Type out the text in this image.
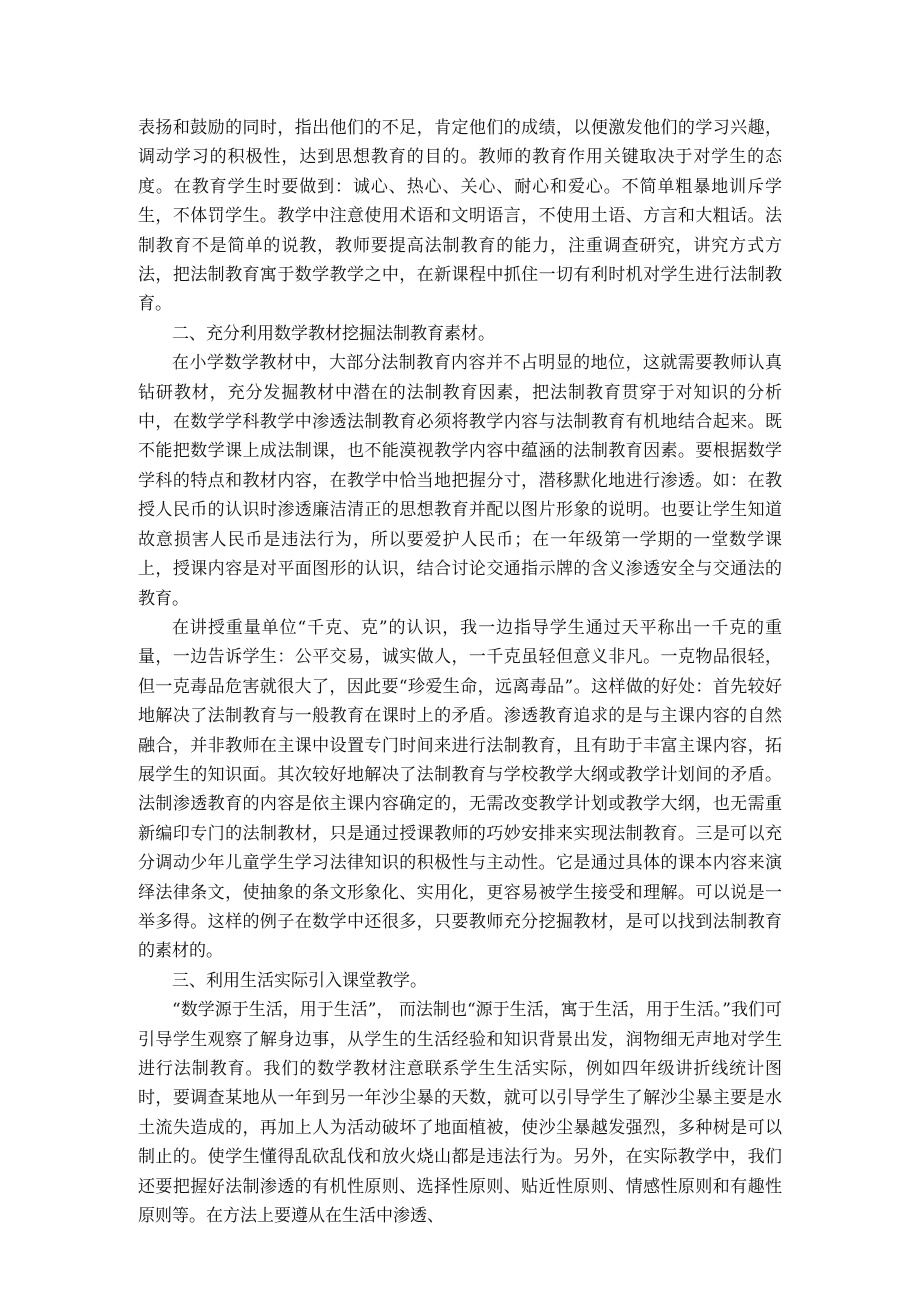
表扬和鼓励的同时，指出他们的不足，肯定他们的成绩，以便激发他们的学习兴趣，调动学习的积极性，达到思想教育的目的。教师的教育作用关键取决于对学生的态度。在教育学生时要做到：诚心、热心、关心、耐心和爱心。不简单粗暴地训斥学生，不体罚学生。教学中注意使用术语和文明语言，不使用土语、方言和大粗话。法制教育不是简单的说教，教师要提高法制教育的能力，注重调查研究，讲究方式方法，把法制教育寓于数学教学之中，在新课程中抓住一切有利时机对学生进行法制教育。

二、充分利用数学教材挖掘法制教育素材。

在小学数学教材中，大部分法制教育内容并不占明显的地位，这就需要教师认真钻研教材，充分发掘教材中潜在的法制教育因素，把法制教育贯穿于对知识的分析中，在数学学科教学中渗透法制教育必须将教学内容与法制教育有机地结合起来。既不能把数学课上成法制课，也不能漠视教学内容中蕴涵的法制教育因素。要根据数学学科的特点和教材内容，在教学中恰当地把握分寸，潜移默化地进行渗透。如：在教授人民币的认识时渗透廉洁清正的思想教育并配以图片形象的说明。也要让学生知道故意损害人民币是违法行为，所以要爱护人民币；在一年级第一学期的一堂数学课上，授课内容是对平面图形的认识，结合讨论交通指示牌的含义渗透安全与交通法的教育。

在讲授重量单位“千克、克”的认识，我一边指导学生通过天平称出一千克的重量，一边告诉学生：公平交易，诚实做人，一千克虽轻但意义非凡。一克物品很轻，但一克毒品危害就很大了，因此要“珍爱生命，远离毒品”。这样做的好处：首先较好地解决了法制教育与一般教育在课时上的矛盾。渗透教育追求的是与主课内容的自然融合，并非教师在主课中设置专门时间来进行法制教育，且有助于丰富主课内容，拓展学生的知识面。其次较好地解决了法制教育与学校教学大纲或教学计划间的矛盾。法制渗透教育的内容是依主课内容确定的，无需改变教学计划或教学大纲，也无需重新编印专门的法制教材，只是通过授课教师的巧妙安排来实现法制教育。三是可以充分调动少年儿童学生学习法律知识的积极性与主动性。它是通过具体的课本内容来演绎法律条文，使抽象的条文形象化、实用化，更容易被学生接受和理解。可以说是一举多得。这样的例子在数学中还很多，只要教师充分挖掘教材，是可以找到法制教育的素材的。

三、利用生活实际引入课堂教学。

“数学源于生活，用于生活”， 而法制也“源于生活，寓于生活，用于生活。”我们可引导学生观察了解身边事，从学生的生活经验和知识背景出发，润物细无声地对学生进行法制教育。我们的数学教材注意联系学生生活实际，例如四年级讲折线统计图时，要调查某地从一年到另一年沙尘暴的天数，就可以引导学生了解沙尘暴主要是水土流失造成的，再加上人为活动破坏了地面植被，使沙尘暴越发强烈，多种树是可以制止的。使学生懂得乱砍乱伐和放火烧山都是违法行为。另外，在实际教学中，我们还要把握好法制渗透的有机性原则、选择性原则、贴近性原则、情感性原则和有趣性原则等。在方法上要遵从在生活中渗透、
